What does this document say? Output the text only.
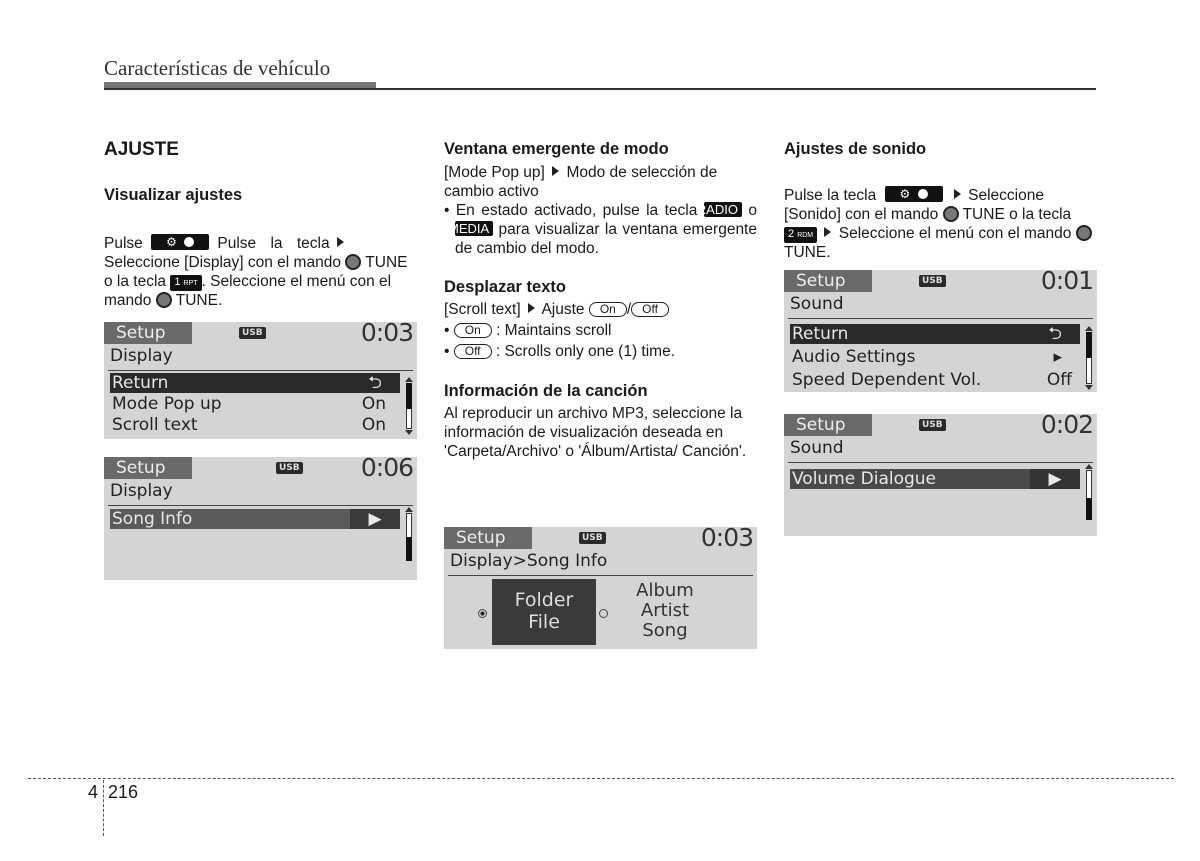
Características de vehículo
AJUSTE
Visualizar ajustes

Pulse ⚙	Pulse la tecla  Seleccione [Display] con el mando TUNE o la tecla 1 RPT . Seleccione el menú con el mando TUNE.

Setup	USB	0:03
Display
Return	⮌
Mode Pop up	On
Scroll text	On
Setup	USB 0:06
Display
Song Info	▶
Ventana emergente de modo

[Mode Pop up] Modo de selección de cambio activo

• En estado activado, pulse la tecla RADIO o MEDIA para visualizar la ventana emergente de cambio del modo.

Desplazar texto

[Scroll text] Ajuste On / Off

• On : Maintains scroll

• Off : Scrolls only one (1) time.

Información de la canción

Al reproducir un archivo MP3, seleccione la información de visualización deseada en 'Carpeta/Archivo' o 'Álbum/Artista/ Canción'.

Setup	USB	0:03
Display>Song Info
Folder
File
Album
Artist
Song
Ajustes de sonido

Pulse la tecla ⚙	Seleccione [Sonido] con el mando TUNE o la tecla 2 RDM Seleccione el menú con el mando  TUNE.

Setup	USB	0:01
Sound
Return	⮌
Audio Settings	▸
Speed Dependent Vol.	Off
Setup	USB	0:02
Sound
Volume Dialogue	▶
4 216
